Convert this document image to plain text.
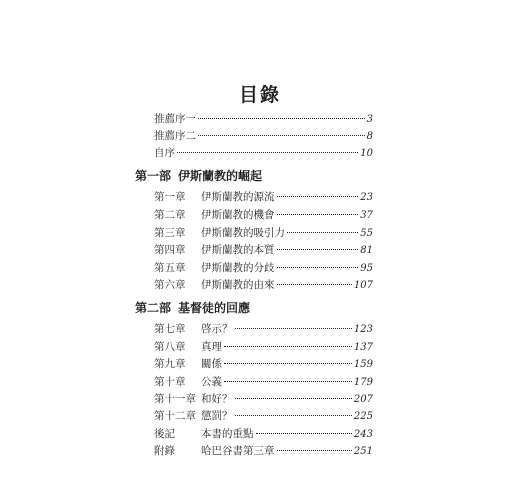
目錄
推薦序一	3
推薦序二	8
自序	10
第一部 伊斯蘭教的崛起
第一章	伊斯蘭教的源流	23
第二章	伊斯蘭教的機會	37
第三章	伊斯蘭教的吸引力	55
第四章	伊斯蘭教的本質	81
第五章	伊斯蘭教的分歧	95
第六章	伊斯蘭教的由來	107
第二部 基督徒的回應
第七章	啓示？	123
第八章	真理	137
第九章	關係	159
第十章	公義	179
第十一章 和好？	207
第十二章 懲罰？	225
後記	本書的重點	243
附錄	哈巴谷書第三章	251
